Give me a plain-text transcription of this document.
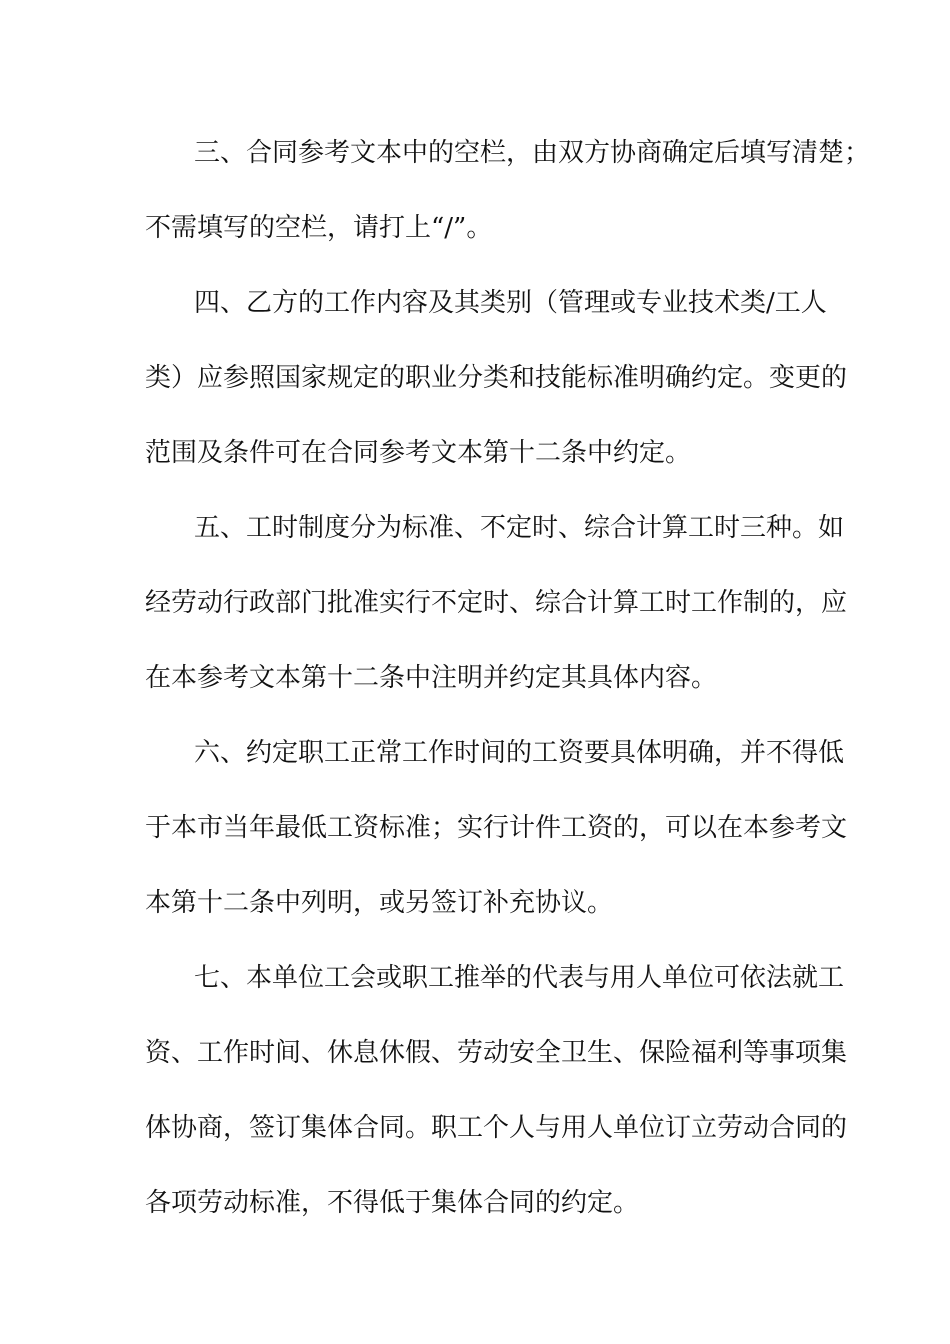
三、合同参考文本中的空栏，由双方协商确定后填写清楚；
不需填写的空栏，请打上“/”。
四、乙方的工作内容及其类别（管理或专业技术类/工人
类）应参照国家规定的职业分类和技能标准明确约定。变更的
范围及条件可在合同参考文本第十二条中约定。
五、工时制度分为标准、不定时、综合计算工时三种。如
经劳动行政部门批准实行不定时、综合计算工时工作制的，应
在本参考文本第十二条中注明并约定其具体内容。
六、约定职工正常工作时间的工资要具体明确，并不得低
于本市当年最低工资标准；实行计件工资的，可以在本参考文
本第十二条中列明，或另签订补充协议。
七、本单位工会或职工推举的代表与用人单位可依法就工
资、工作时间、休息休假、劳动安全卫生、保险福利等事项集
体协商，签订集体合同。职工个人与用人单位订立劳动合同的
各项劳动标准，不得低于集体合同的约定。
